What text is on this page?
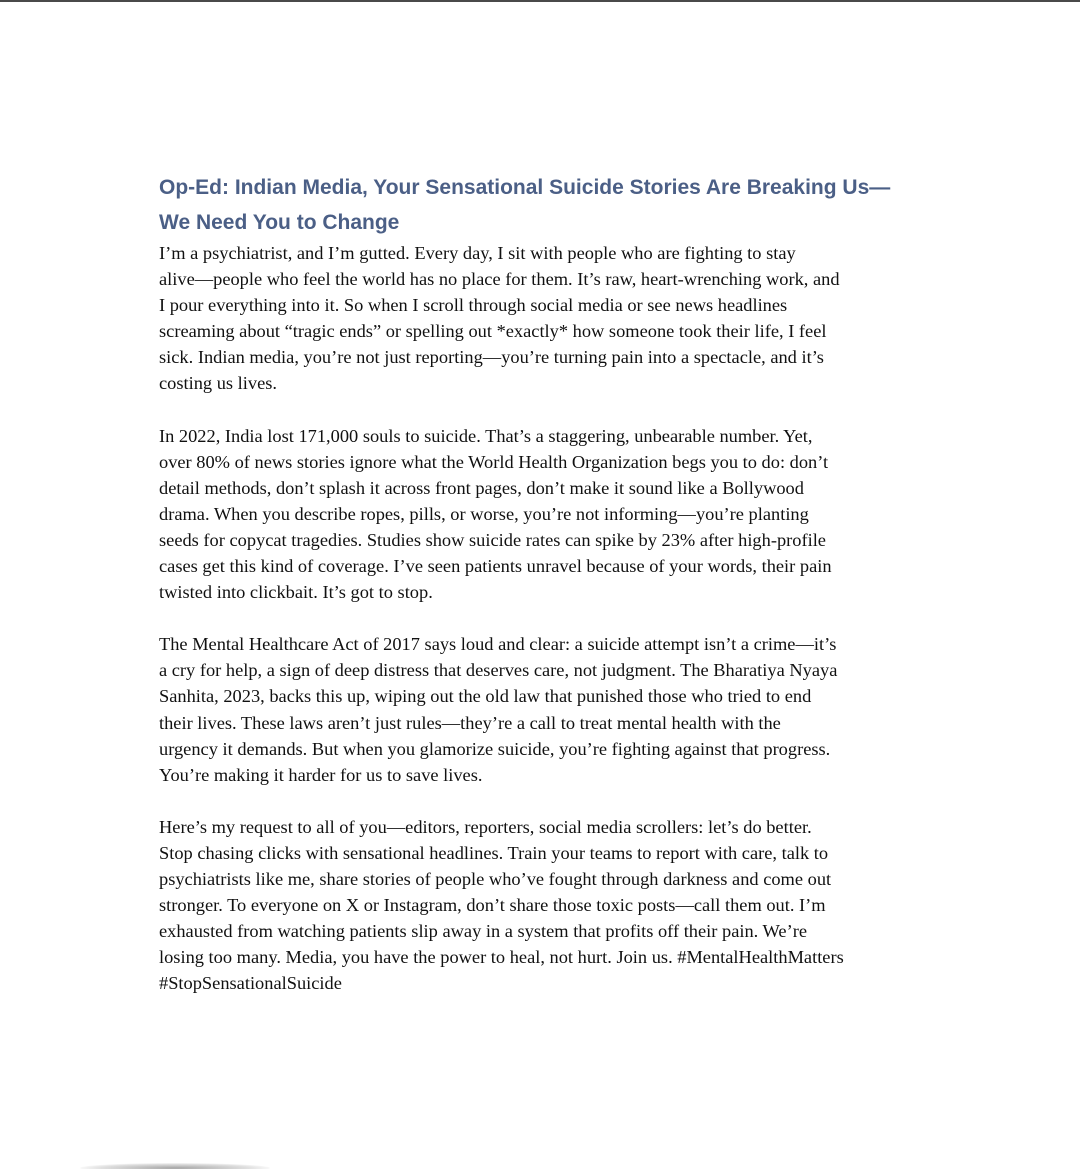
Op-Ed: Indian Media, Your Sensational Suicide Stories Are Breaking Us—
We Need You to Change

I’m a psychiatrist, and I’m gutted. Every day, I sit with people who are fighting to stay
alive—people who feel the world has no place for them. It’s raw, heart-wrenching work, and
I pour everything into it. So when I scroll through social media or see news headlines
screaming about “tragic ends” or spelling out *exactly* how someone took their life, I feel
sick. Indian media, you’re not just reporting—you’re turning pain into a spectacle, and it’s
costing us lives.

In 2022, India lost 171,000 souls to suicide. That’s a staggering, unbearable number. Yet,
over 80% of news stories ignore what the World Health Organization begs you to do: don’t
detail methods, don’t splash it across front pages, don’t make it sound like a Bollywood
drama. When you describe ropes, pills, or worse, you’re not informing—you’re planting
seeds for copycat tragedies. Studies show suicide rates can spike by 23% after high-profile
cases get this kind of coverage. I’ve seen patients unravel because of your words, their pain
twisted into clickbait. It’s got to stop.

The Mental Healthcare Act of 2017 says loud and clear: a suicide attempt isn’t a crime—it’s
a cry for help, a sign of deep distress that deserves care, not judgment. The Bharatiya Nyaya
Sanhita, 2023, backs this up, wiping out the old law that punished those who tried to end
their lives. These laws aren’t just rules—they’re a call to treat mental health with the
urgency it demands. But when you glamorize suicide, you’re fighting against that progress.
You’re making it harder for us to save lives.

Here’s my request to all of you—editors, reporters, social media scrollers: let’s do better.
Stop chasing clicks with sensational headlines. Train your teams to report with care, talk to
psychiatrists like me, share stories of people who’ve fought through darkness and come out
stronger. To everyone on X or Instagram, don’t share those toxic posts—call them out. I’m
exhausted from watching patients slip away in a system that profits off their pain. We’re
losing too many. Media, you have the power to heal, not hurt. Join us. #MentalHealthMatters
#StopSensationalSuicide
